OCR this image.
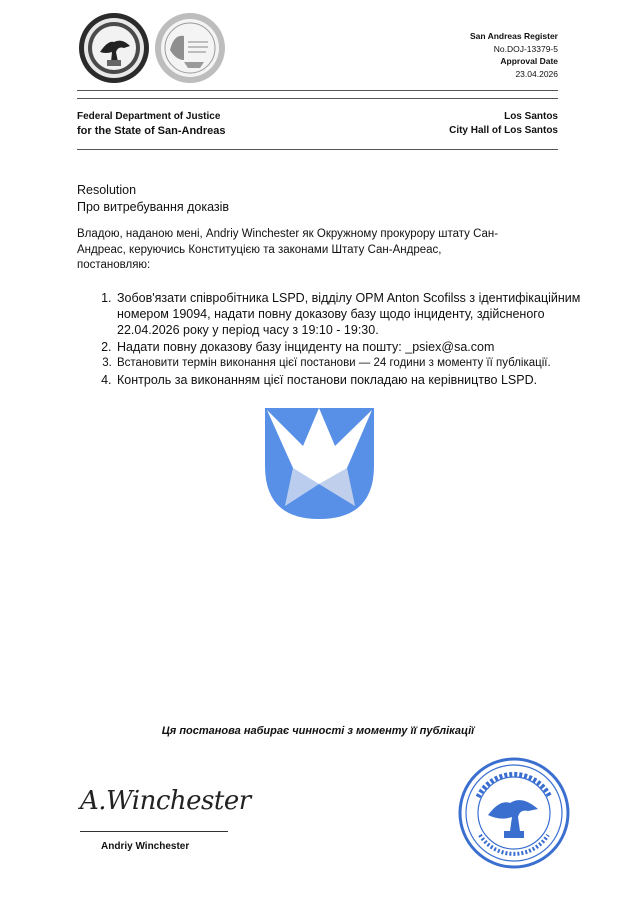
San Andreas Register
No.DOJ-13379-5
Approval Date
23.04.2026
Federal Department of Justice
for the State of San-Andreas
Los Santos
City Hall of Los Santos
Resolution
Про витребування доказів
Владою, наданою мені, Andriy Winchester як Окружному прокурору штату Сан-Андреас, керуючись Конституцією та законами Штату Сан-Андреас, постановляю:
1. Зобов'язати співробітника LSPD, відділу OPM Anton Scofilss з ідентифікаційним номером 19094, надати повну доказову базу щодо інциденту, здійсненого 22.04.2026 року у період часу з 19:10 - 19:30.
2. Надати повну доказову базу інциденту на пошту: _psiex@sa.com
3. Встановити термін виконання цієї постанови — 24 години з моменту її публікації.
4. Контроль за виконанням цієї постанови покладаю на керівництво LSPD.
Ця постанова набирає чинності з моменту її публікації
A.Winchester
Andriy Winchester
